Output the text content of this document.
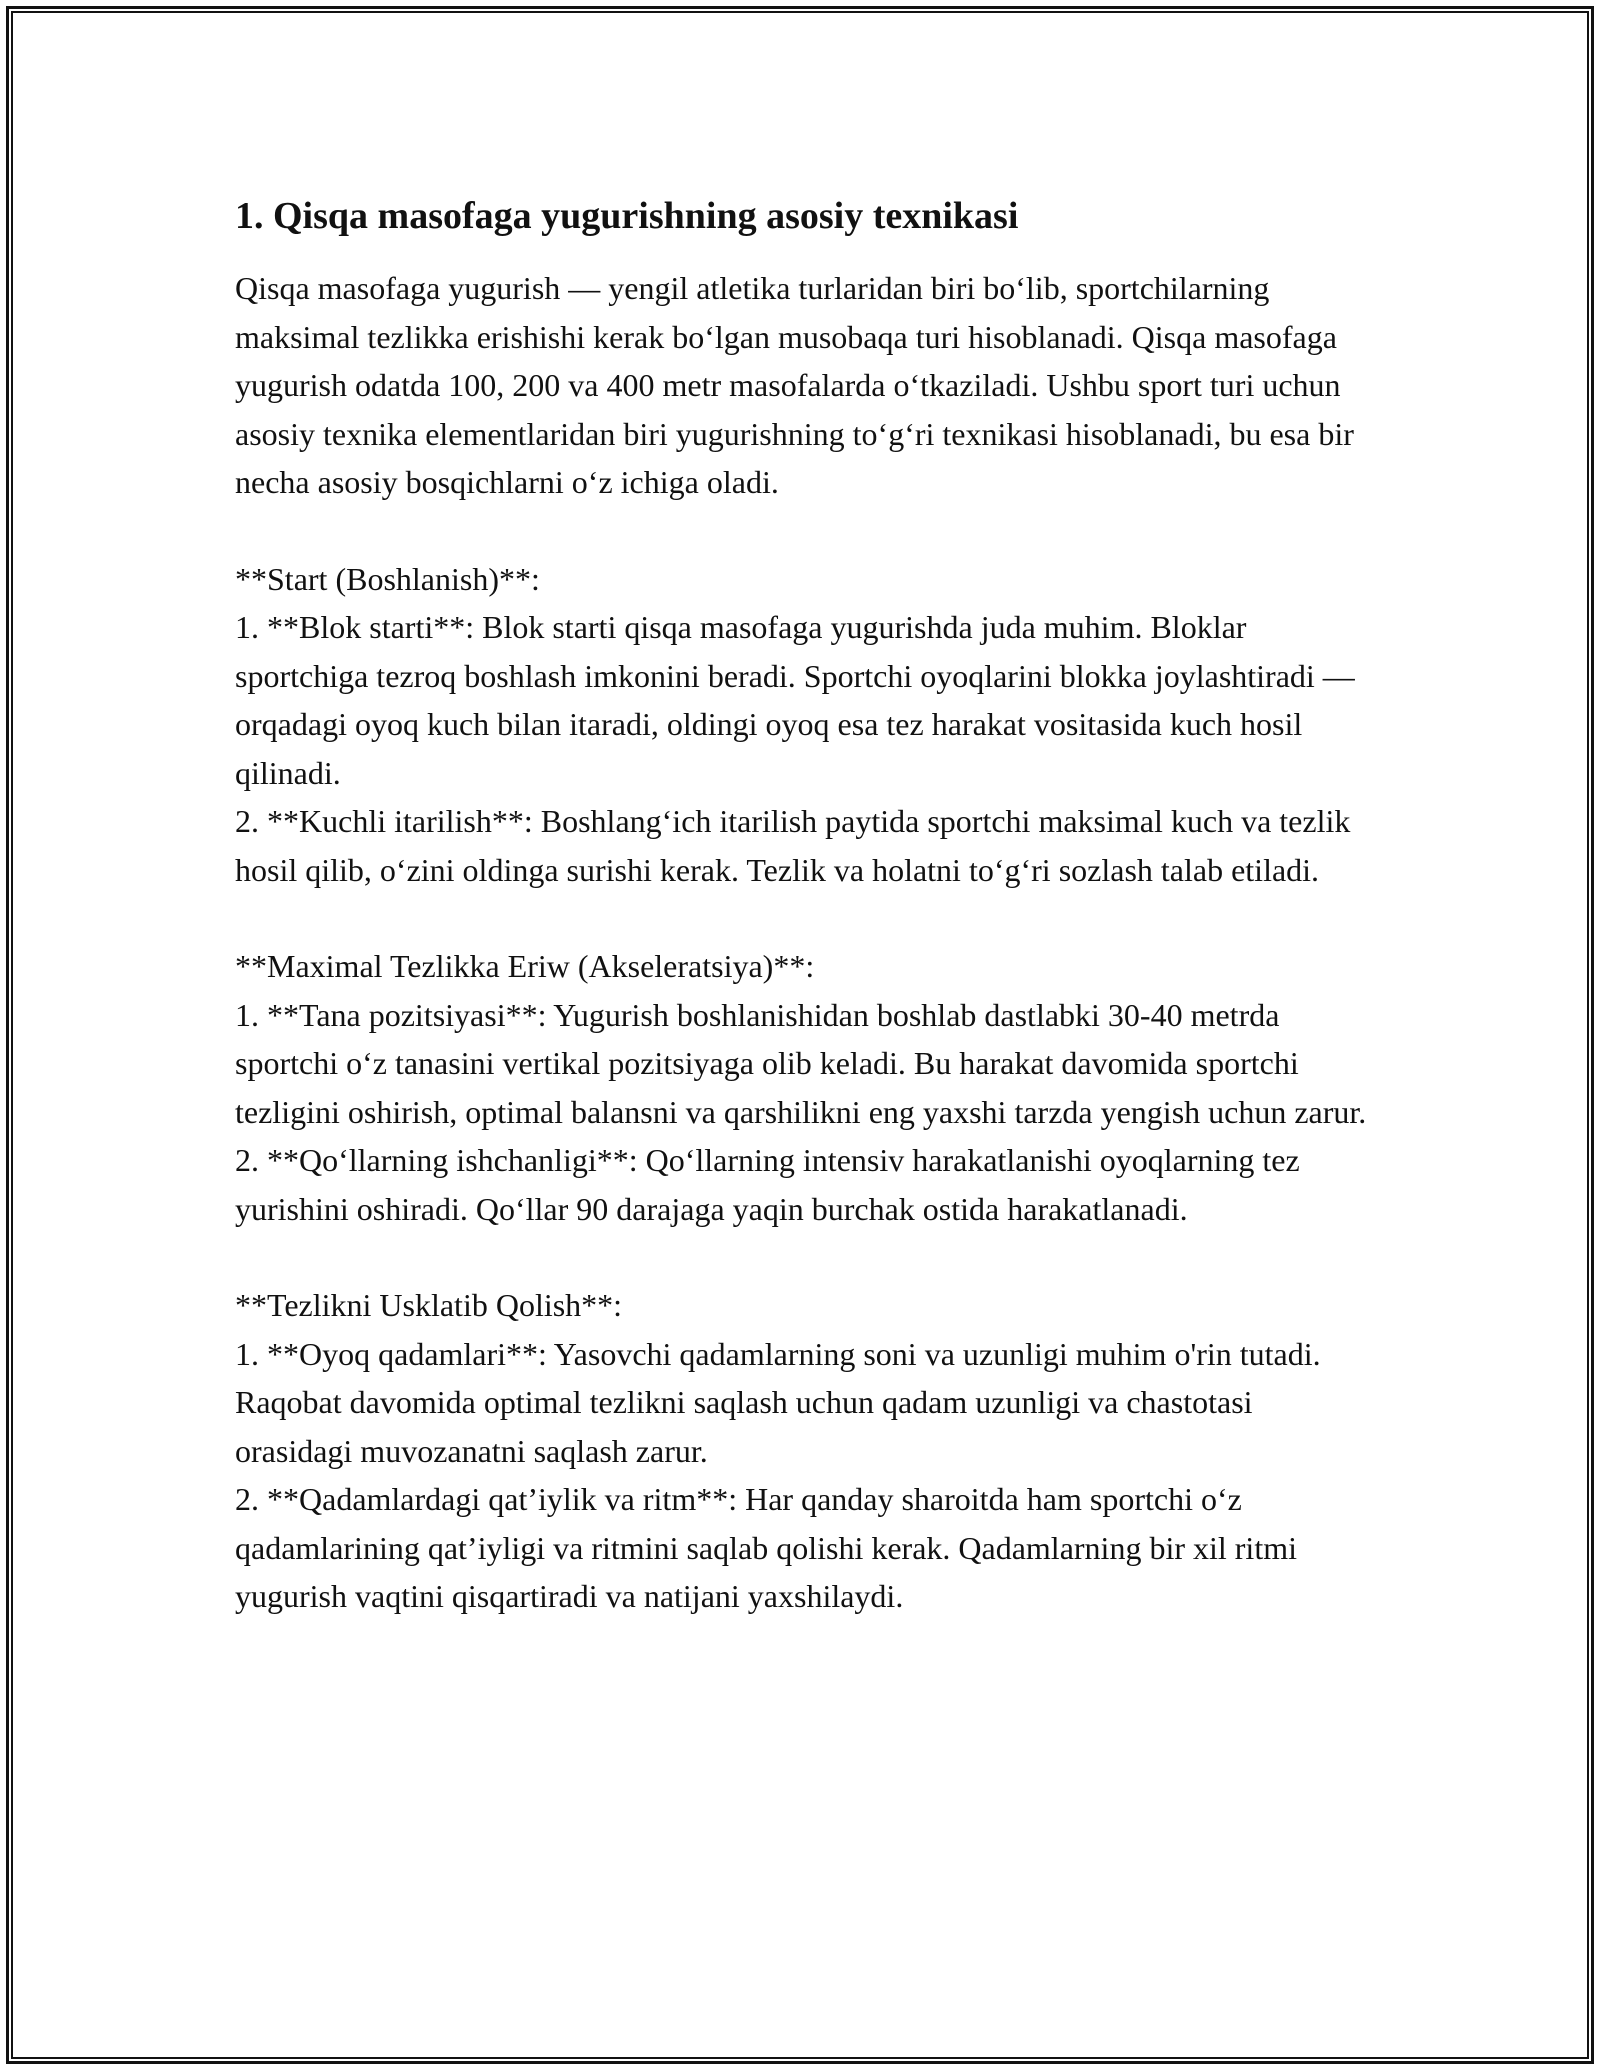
1. Qisqa masofaga yugurishning asosiy texnikasi

Qisqa masofaga yugurish — yengil atletika turlaridan biri bo‘lib, sportchilarning maksimal tezlikka erishishi kerak bo‘lgan musobaqa turi hisoblanadi. Qisqa masofaga yugurish odatda 100, 200 va 400 metr masofalarda o‘tkaziladi. Ushbu sport turi uchun asosiy texnika elementlaridan biri yugurishning to‘g‘ri texnikasi hisoblanadi, bu esa bir necha asosiy bosqichlarni o‘z ichiga oladi.

**Start (Boshlanish)**:
1. **Blok starti**: Blok starti qisqa masofaga yugurishda juda muhim. Bloklar sportchiga tezroq boshlash imkonini beradi. Sportchi oyoqlarini blokka joylashtiradi — orqadagi oyoq kuch bilan itaradi, oldingi oyoq esa tez harakat vositasida kuch hosil qilinadi.
2. **Kuchli itarilish**: Boshlang‘ich itarilish paytida sportchi maksimal kuch va tezlik hosil qilib, o‘zini oldinga surishi kerak. Tezlik va holatni to‘g‘ri sozlash talab etiladi.
**Maximal Tezlikka Eriw (Akseleratsiya)**:
1. **Tana pozitsiyasi**: Yugurish boshlanishidan boshlab dastlabki 30-40 metrda sportchi o‘z tanasini vertikal pozitsiyaga olib keladi. Bu harakat davomida sportchi tezligini oshirish, optimal balansni va qarshilikni eng yaxshi tarzda yengish uchun zarur.
2. **Qo‘llarning ishchanligi**: Qo‘llarning intensiv harakatlanishi oyoqlarning tez yurishini oshiradi. Qo‘llar 90 darajaga yaqin burchak ostida harakatlanadi.
**Tezlikni Usklatib Qolish**:
1. **Oyoq qadamlari**: Yasovchi qadamlarning soni va uzunligi muhim o'rin tutadi. Raqobat davomida optimal tezlikni saqlash uchun qadam uzunligi va chastotasi orasidagi muvozanatni saqlash zarur.
2. **Qadamlardagi qat’iylik va ritm**: Har qanday sharoitda ham sportchi o‘z qadamlarining qat’iyligi va ritmini saqlab qolishi kerak. Qadamlarning bir xil ritmi yugurish vaqtini qisqartiradi va natijani yaxshilaydi.
